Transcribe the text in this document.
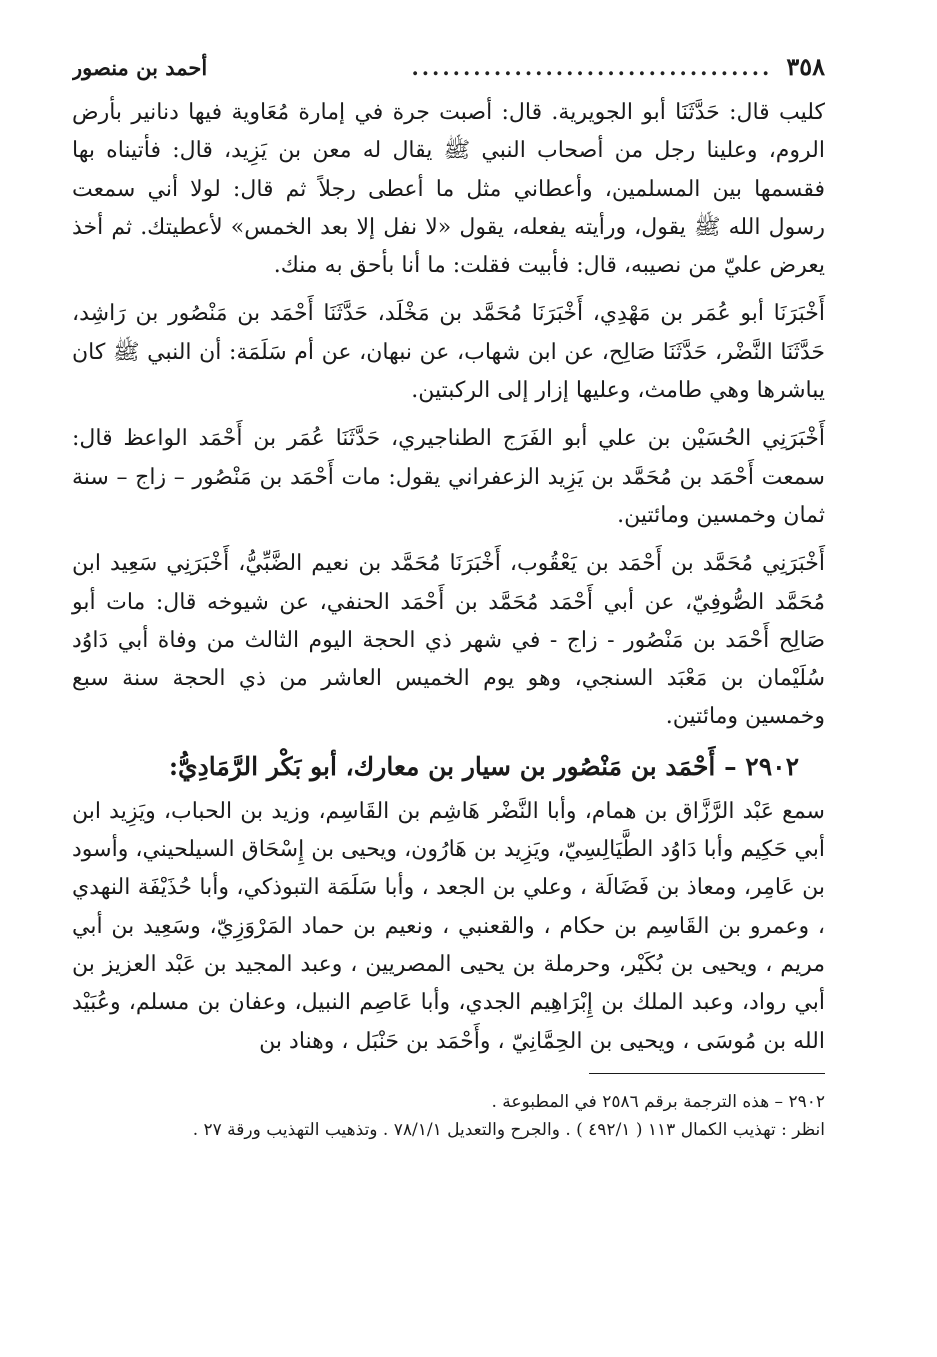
٣٥٨
...................................
أحمد بن منصور

كليب قال: حَدَّثَنَا أبو الجويرية. قال: أصبت جرة في إمارة مُعَاوية فيها دنانير بأرض الروم، وعلينا رجل من أصحاب النبي ﷺ يقال له معن بن يَزِيد، قال: فأتيناه بها فقسمها بين المسلمين، وأعطاني مثل ما أعطى رجلاً ثم قال: لولا أني سمعت رسول الله ﷺ يقول، ورأيته يفعله، يقول «لا نفل إلا بعد الخمس» لأعطيتك. ثم أخذ يعرض عليّ من نصيبه، قال: فأبيت فقلت: ما أنا بأحق به منك.

أَخْبَرَنَا أبو عُمَر بن مَهْدِي، أَخْبَرَنَا مُحَمَّد بن مَخْلَد، حَدَّثَنَا أَحْمَد بن مَنْصُور بن رَاشِد، حَدَّثَنَا النَّضْر، حَدَّثَنَا صَالِح، عن ابن شهاب، عن نبهان، عن أم سَلَمَة: أن النبي ﷺ كان يباشرها وهي طامث، وعليها إزار إلى الركبتين.

أَخْبَرَنِي الحُسَيْن بن علي أبو الفَرَج الطناجيري، حَدَّثَنَا عُمَر بن أَحْمَد الواعظ قال: سمعت أَحْمَد بن مُحَمَّد بن يَزِيد الزعفراني يقول: مات أَحْمَد بن مَنْصُور – زاج – سنة ثمان وخمسين ومائتين.

أَخْبَرَنِي مُحَمَّد بن أَحْمَد بن يَعْقُوب، أَخْبَرَنَا مُحَمَّد بن نعيم الضَّبِّيُّ، أَخْبَرَنِي سَعِيد ابن مُحَمَّد الصُّوفِيّ، عن أبي أَحْمَد مُحَمَّد بن أَحْمَد الحنفي، عن شيوخه قال: مات أبو صَالِح أَحْمَد بن مَنْصُور - زاج - في شهر ذي الحجة اليوم الثالث من وفاة أبي دَاوُد سُلَيْمان بن مَعْبَد السنجي، وهو يوم الخميس العاشر من ذي الحجة سنة سبع وخمسين ومائتين.

٢٩٠٢ – أَحْمَد بن مَنْصُور بن سيار بن معارك، أبو بَكْر الرَّمَادِيُّ:

سمع عَبْد الرَّزَّاق بن همام، وأبا النَّضْر هَاشِم بن القَاسِم، وزيد بن الحباب، ويَزِيد ابن أبي حَكِيم وأبا دَاوُد الطَّيَالِسِيّ، ويَزِيد بن هَارُون، ويحيى بن إِسْحَاق السيلحيني، وأسود بن عَامِر، ومعاذ بن فَضَالَة ، وعلي بن الجعد ، وأبا سَلَمَة التبوذكي، وأبا حُذَيْفَة النهدي ، وعمرو بن القَاسِم بن حكام ، والقعنبي ، ونعيم بن حماد المَرْوَزِيّ، وسَعِيد بن أبي مريم ، ويحيى بن بُكَيْر، وحرملة بن يحيى المصريين ، وعبد المجيد بن عَبْد العزيز بن أبي رواد، وعبد الملك بن إِبْرَاهِيم الجدي، وأبا عَاصِم النبيل، وعفان بن مسلم، وعُبَيْد الله بن مُوسَى ، ويحيى بن الحِمَّانِيّ ، وأَحْمَد بن حَنْبَل ، وهناد بن

٢٩٠٢ – هذه الترجمة برقم ٢٥٨٦ في المطبوعة .

انظر : تهذيب الكمال ١١٣ ( ٤٩٢/١ ) . والجرح والتعديل ٧٨/١/١ . وتذهيب التهذيب ورقة ٢٧ .
